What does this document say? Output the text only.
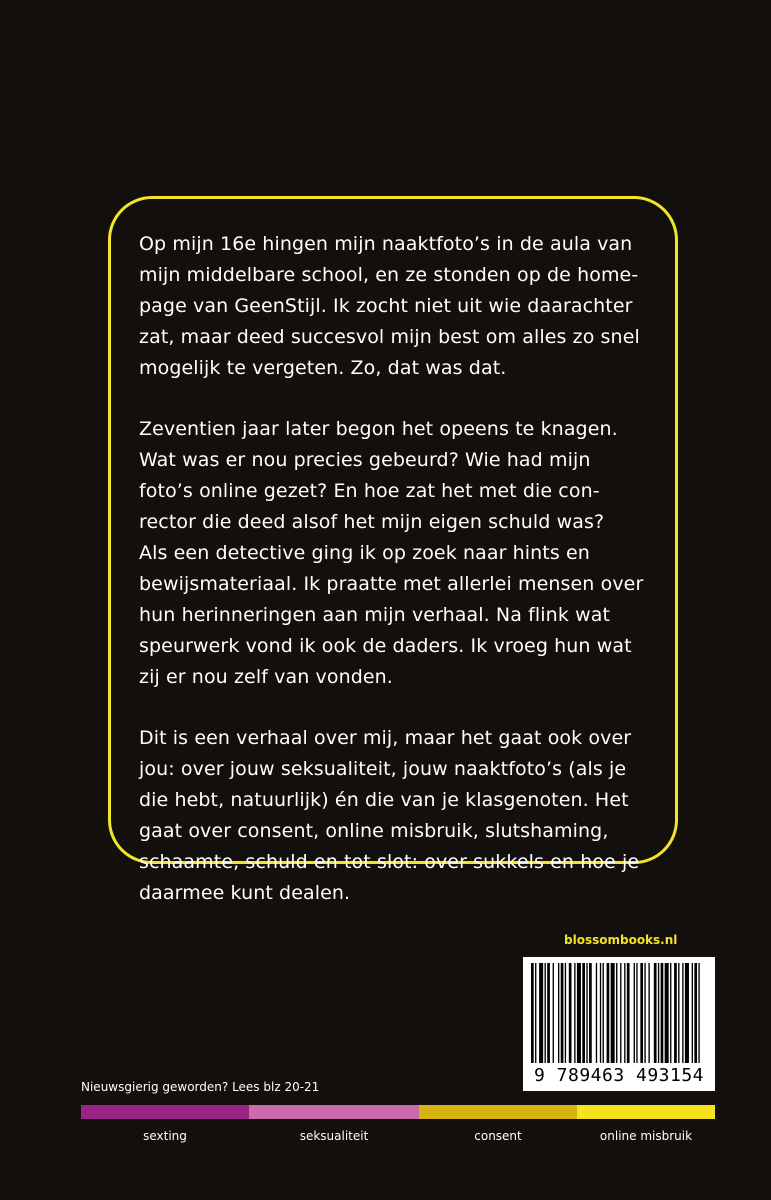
Op mijn 16e hingen mijn naaktfoto’s in de aula van
mijn middelbare school, en ze stonden op de home-
page van GeenStijl. Ik zocht niet uit wie daarachter
zat, maar deed succesvol mijn best om alles zo snel
mogelijk te vergeten. Zo, dat was dat.

Zeventien jaar later begon het opeens te knagen.
Wat was er nou precies gebeurd? Wie had mijn
foto’s online gezet? En hoe zat het met die con-
rector die deed alsof het mijn eigen schuld was?
Als een detective ging ik op zoek naar hints en
bewijsmateriaal. Ik praatte met allerlei mensen over
hun herinneringen aan mijn verhaal. Na flink wat
speurwerk vond ik ook de daders. Ik vroeg hun wat
zij er nou zelf van vonden.

Dit is een verhaal over mij, maar het gaat ook over
jou: over jouw seksualiteit, jouw naaktfoto’s (als je
die hebt, natuurlijk) én die van je klasgenoten. Het
gaat over consent, online misbruik, slutshaming,
schaamte, schuld en tot slot: over sukkels en hoe je
daarmee kunt dealen.

blossombooks.nl
9 789463 493154
Nieuwsgierig geworden? Lees blz 20-21
sexting	seksualiteit	consent	online misbruik
